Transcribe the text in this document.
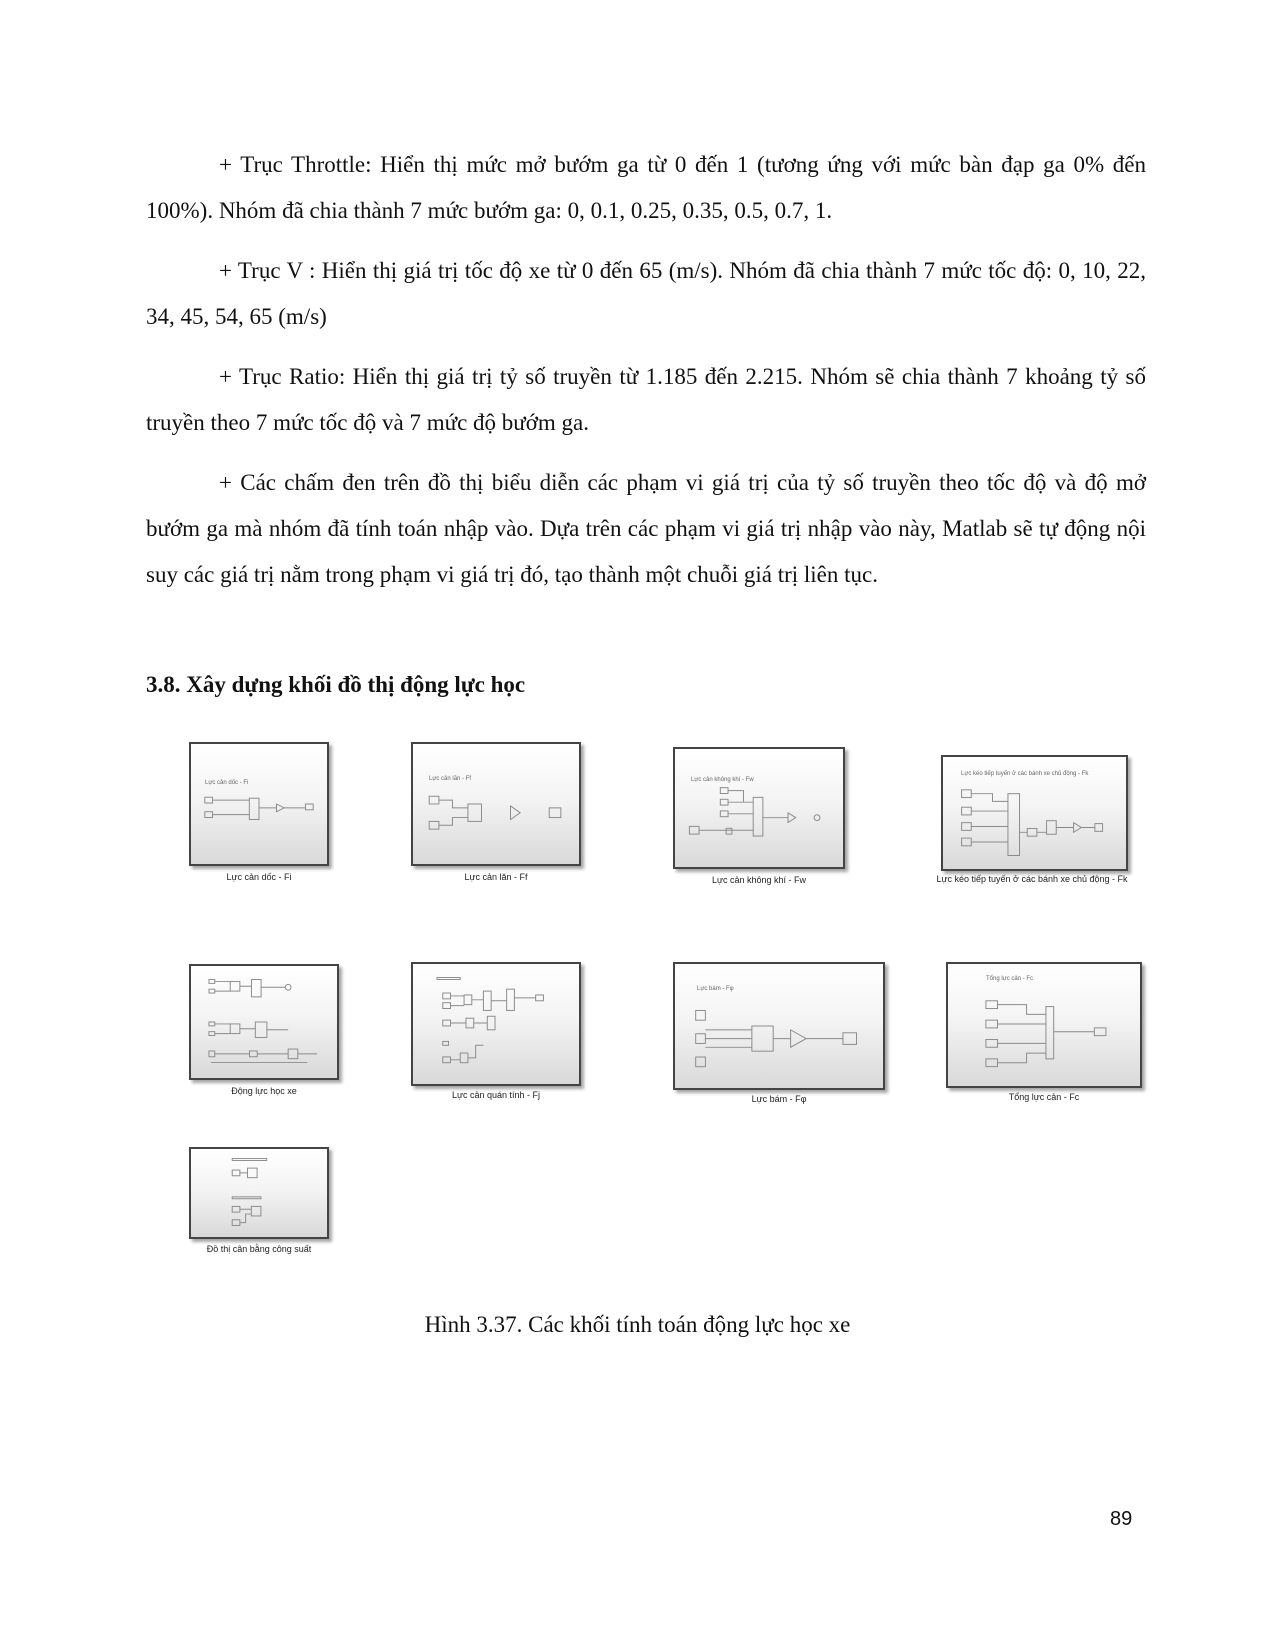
+ Trục Throttle: Hiển thị mức mở bướm ga từ 0 đến 1 (tương ứng với mức bàn đạp ga 0% đến 100%). Nhóm đã chia thành 7 mức bướm ga: 0, 0.1, 0.25, 0.35, 0.5, 0.7, 1.

+ Trục V : Hiển thị giá trị tốc độ xe từ 0 đến 65 (m/s). Nhóm đã chia thành 7 mức tốc độ: 0, 10, 22, 34, 45, 54, 65 (m/s)

+ Trục Ratio: Hiển thị giá trị tỷ số truyền từ 1.185 đến 2.215. Nhóm sẽ chia thành 7 khoảng tỷ số truyền theo 7 mức tốc độ và 7 mức độ bướm ga.

+ Các chấm đen trên đồ thị biểu diễn các phạm vi giá trị của tỷ số truyền theo tốc độ và độ mở bướm ga mà nhóm đã tính toán nhập vào. Dựa trên các phạm vi giá trị nhập vào này, Matlab sẽ tự động nội suy các giá trị nằm trong phạm vi giá trị đó, tạo thành một chuỗi giá trị liên tục.

3.8. Xây dựng khối đồ thị động lực học
Lực cản dốc - Fi
Lực cản dốc - Fi
Lực cản lăn - Ff
Lực cản lăn - Ff
Lực cản không khí - Fw
Lực cản không khí - Fw
Lực kéo tiếp tuyến ở các bánh xe chủ động - Fk
Lực kéo tiếp tuyến ở các bánh xe chủ động - Fk
Động lực học xe	Lực cản quán tính - Fj
Lực bám - Fφ
Lực bám - Fφ
Tổng lực cản - Fc
Tổng lực cản - Fc
Đồ thị cân bằng công suất

Hình 3.37. Các khối tính toán động lực học xe

89
